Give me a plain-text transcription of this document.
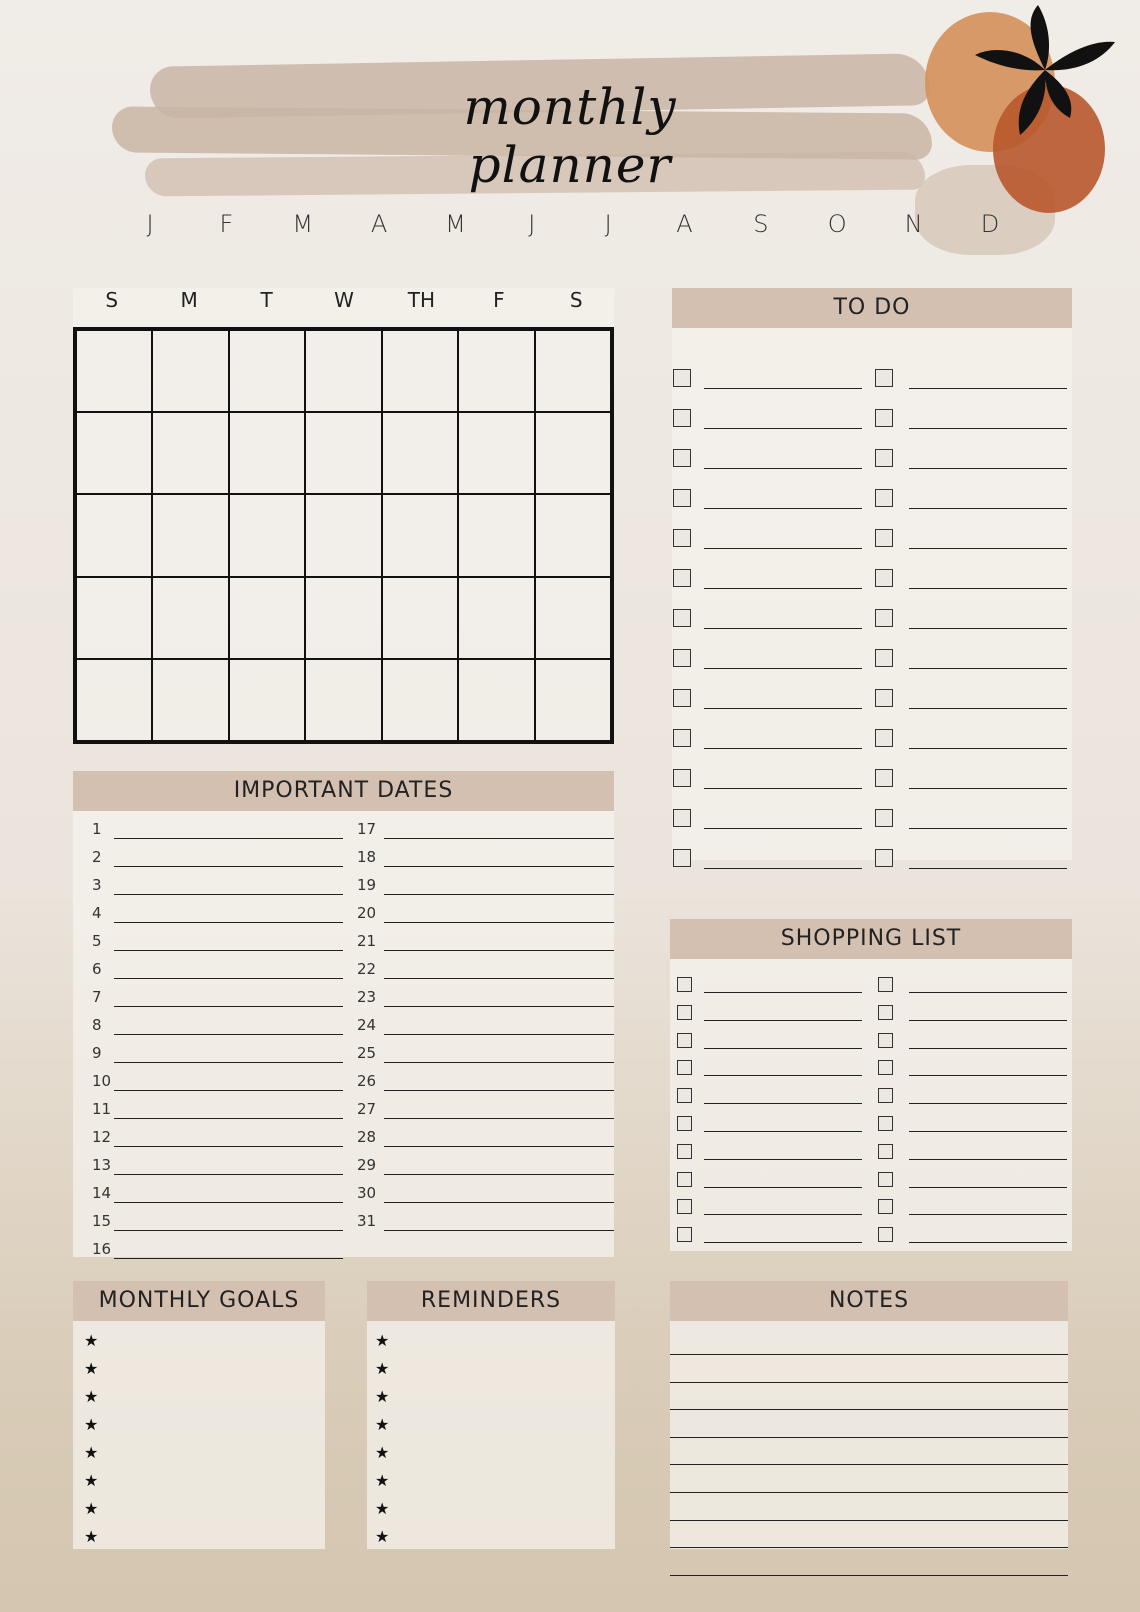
monthly planner
J	F	M	A	M	J	J	A	S	O	N	D
S	M	T	W	TH	F	S
IMPORTANT DATES
1
2
3
4
5
6
7
8
9
10
11
12
13
14
15
16
17
18
19
20
21
22
23
24
25
26
27
28
29
30
31
TO DO
SHOPPING LIST
MONTHLY GOALS
★
★
★
★
★
★
★
★
REMINDERS
★
★
★
★
★
★
★
★
NOTES
